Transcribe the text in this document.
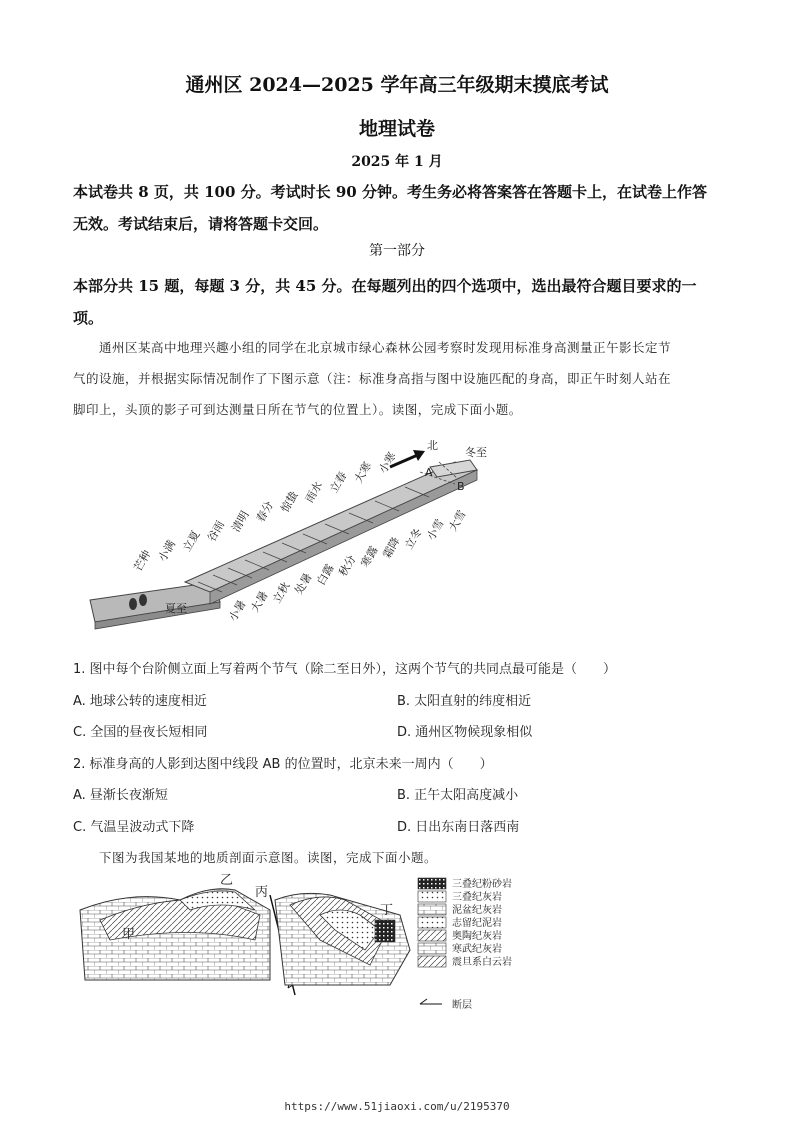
通州区 2024—2025 学年高三年级期末摸底考试
地理试卷
2025 年 1 月
本试卷共 8 页，共 100 分。考试时长 90 分钟。考生务必将答案答在答题卡上，在试卷上作答
无效。考试结束后，请将答题卡交回。
第一部分
本部分共 15 题，每题 3 分，共 45 分。在每题列出的四个选项中，选出最符合题目要求的一
项。
通州区某高中地理兴趣小组的同学在北京城市绿心森林公园考察时发现用标准身高测量正午影长定节
气的设施，并根据实际情况制作了下图示意（注：标准身高指与图中设施匹配的身高，即正午时刻人站在
脚印上，头顶的影子可到达测量日所在节气的位置上）。读图，完成下面小题。
北
A
B
冬至
夏至
芒种 小满 立夏 谷雨 清明 春分 惊蛰 雨水 立春 大寒 小寒
小暑 大暑 立秋 处暑 白露 秋分 寒露 霜降 立冬 小雪 大雪
1. 图中每个台阶侧立面上写着两个节气（除二至日外），这两个节气的共同点最可能是（　　）
A. 地球公转的速度相近	B. 太阳直射的纬度相近
C. 全国的昼夜长短相同	D. 通州区物候现象相似
2. 标准身高的人影到达图中线段 AB 的位置时，北京未来一周内（　　）
A. 昼渐长夜渐短	B. 正午太阳高度减小
C. 气温呈波动式下降	D. 日出东南日落西南
下图为我国某地的地质剖面示意图。读图，完成下面小题。
甲
乙
丙
丁
三叠纪粉砂岩
三叠纪灰岩
泥盆纪灰岩
志留纪泥岩
奥陶纪灰岩
寒武纪灰岩
震旦系白云岩
断层
https://www.51jiaoxi.com/u/2195370
